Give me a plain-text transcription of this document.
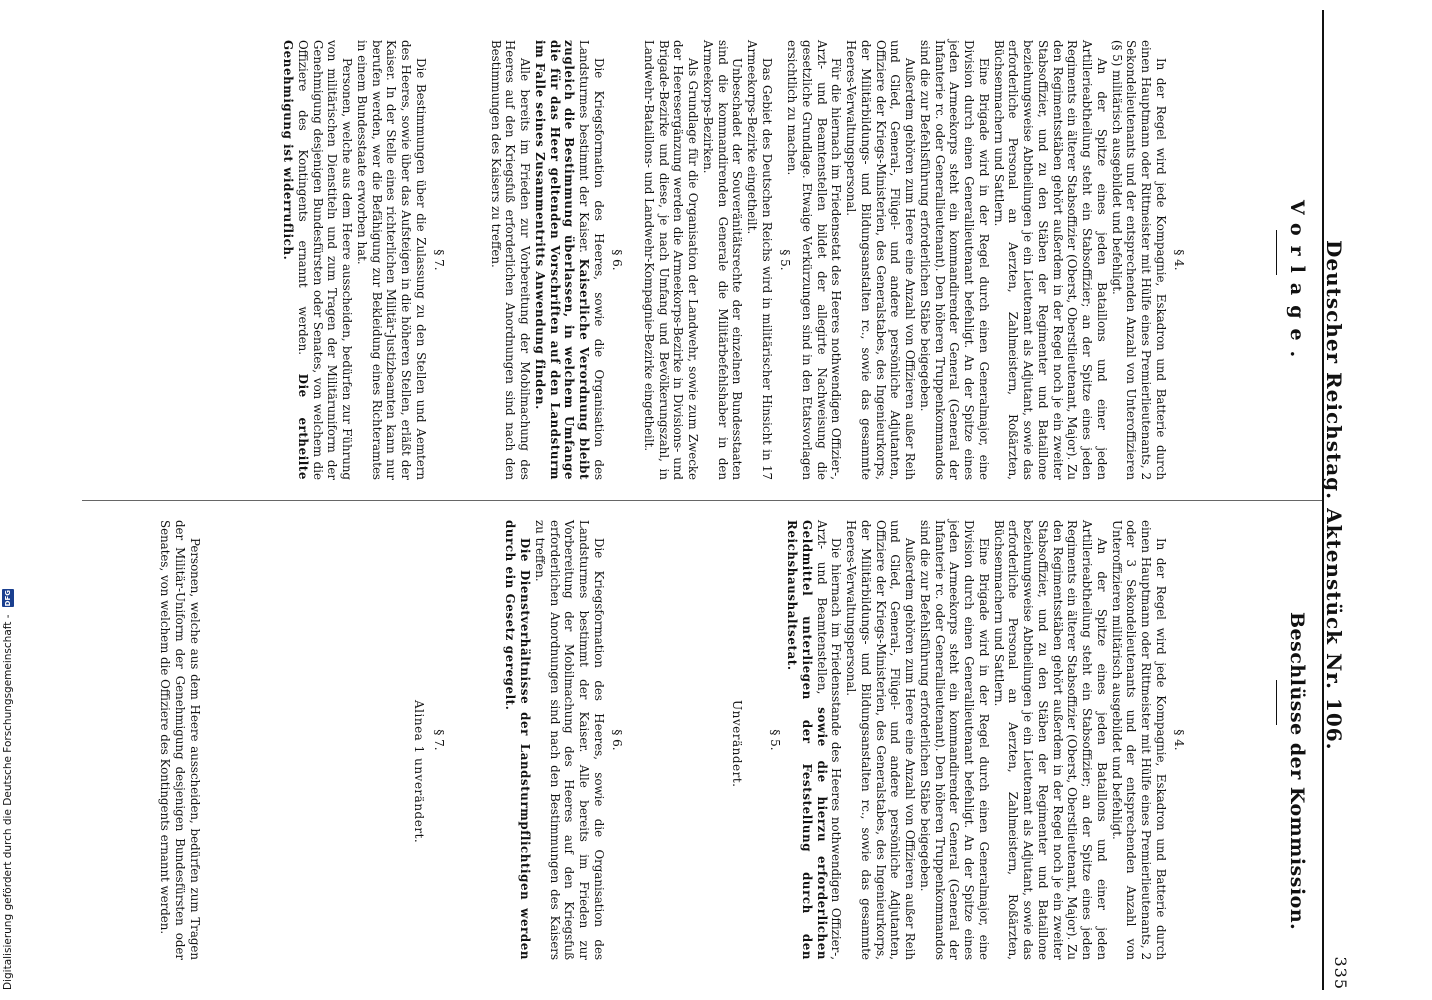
Deutscher Reichstag. Aktenstück Nr. 106.
335
Vorlage.
§ 4.

In der Regel wird jede Kompagnie, Eskadron und Batterie durch einen Hauptmann oder Rittmeister mit Hülfe eines Premierlieutenants, 2 Sekondelieutenants und der entsprechenden Anzahl von Unteroffizieren (§ 5) militärisch ausgebildet und befehligt.

An der Spitze eines jeden Bataillons und einer jeden Artillerieabtheilung steht ein Stabsoffizier; an der Spitze eines jeden Regiments ein älterer Stabsoffizier (Oberst, Oberstlieutenant, Major). Zu den Regimentsstäben gehört außerdem in der Regel noch je ein zweiter Stabsoffizier, und zu den Stäben der Regimenter und Bataillone beziehungsweise Abtheilungen je ein Lieutenant als Adjutant, sowie das erforderliche Personal an Aerzten, Zahlmeistern, Roßärzten, Büchsenmachern und Sattlern.

Eine Brigade wird in der Regel durch einen Generalmajor, eine Division durch einen Generallieutenant befehligt. An der Spitze eines jeden Armeekorps steht ein kommandirender General (General der Infanterie rc. oder Generallieutenant). Den höheren Truppenkommandos sind die zur Befehlsführung erforderlichen Stäbe beigegeben.

Außerdem gehören zum Heere eine Anzahl von Offizieren außer Reih und Glied, General-, Flügel- und andere persönliche Adjutanten, Offiziere der Kriegs-Ministerien, des Generalstabes, des Ingenieurkorps, der Militärbildungs- und Bildungsanstalten rc., sowie das gesammte Heeres-Verwaltungspersonal.

Für die hiernach im Friedensetat des Heeres nothwendigen Offizier-, Arzt- und Beamtenstellen bildet der allegirte Nachweisung die gesetzliche Grundlage. Etwaige Verkürzungen sind in den Etatsvorlagen ersichtlich zu machen.

§ 5.

Das Gebiet des Deutschen Reichs wird in militärischer Hinsicht in 17 Armeekorps-Bezirke eingetheilt.

Unbeschadet der Souveränitätsrechte der einzelnen Bundesstaaten sind die kommandirenden Generale die Militärbefehlshaber in den Armeekorps-Bezirken.

Als Grundlage für die Organisation der Landwehr, sowie zum Zwecke der Heeresergänzung werden die Armeekorps-Bezirke in Divisions- und Brigade-Bezirke und diese, je nach Umfang und Bevölkerungszahl, in Landwehr-Bataillons- und Landwehr-Kompagnie-Bezirke eingetheilt.

§ 6.

Die Kriegsformation des Heeres, sowie die Organisation des Landsturmes bestimmt der Kaiser. Kaiserliche Verordnung bleibt zugleich die Bestimmung überlassen, in welchem Umfange die für das Heer geltenden Vorschriften auf den Landsturm im Falle seines Zusammentritts Anwendung finden.

Alle bereits im Frieden zur Vorbereitung der Mobilmachung des Heeres auf den Kriegsfuß erforderlichen Anordnungen sind nach den Bestimmungen des Kaisers zu treffen.

§ 7.

Die Bestimmungen über die Zulassung zu den Stellen und Aemtern des Heeres, sowie über das Aufsteigen in die höheren Stellen, erläßt der Kaiser. In der Stelle eines richterlichen Militär-Justizbeamten kann nur berufen werden, wer die Befähigung zur Bekleidung eines Richteramtes in einem Bundesstaate erworben hat.

Personen, welche aus dem Heere ausscheiden, bedürfen zur Führung von militärischen Dienstiteln und zum Tragen der Militäruniform der Genehmigung desjenigen Bundesfürsten oder Senates, von welchem die Offiziere des Kontingents ernannt werden. Die ertheilte Genehmigung ist widerruflich.

Beschlüsse der Kommission.
§ 4.

In der Regel wird jede Kompagnie, Eskadron und Batterie durch einen Hauptmann oder Rittmeister mit Hülfe eines Premierlieutenants, 2 oder 3 Sekondelieutenants und der entsprechenden Anzahl von Unteroffizieren militärisch ausgebildet und befehligt.

An der Spitze eines jeden Bataillons und einer jeden Artillerieabtheilung steht ein Stabsoffizier; an der Spitze eines jeden Regiments ein älterer Stabsoffizier (Oberst, Oberstlieutenant, Major). Zu den Regimentsstäben gehört außerdem in der Regel noch je ein zweiter Stabsoffizier, und zu den Stäben der Regimenter und Bataillone beziehungsweise Abtheilungen je ein Lieutenant als Adjutant, sowie das erforderliche Personal an Aerzten, Zahlmeistern, Roßärzten, Büchsenmachern und Sattlern.

Eine Brigade wird in der Regel durch einen Generalmajor, eine Division durch einen Generallieutenant befehligt. An der Spitze eines jeden Armeekorps steht ein kommandirender General (General der Infanterie rc. oder Generallieutenant). Den höheren Truppenkommandos sind die zur Befehlsführung erforderlichen Stäbe beigegeben.

Außerdem gehören zum Heere eine Anzahl von Offizieren außer Reih und Glied, General-, Flügel- und andere persönliche Adjutanten, Offiziere der Kriegs-Ministerien, des Generalstabes, des Ingenieurkorps, der Militärbildungs- und Bildungsanstalten rc., sowie das gesammte Heeres-Verwaltungspersonal.

Die hiernach im Friedensstande des Heeres nothwendigen Offizier-, Arzt- und Beamtenstellen, sowie die hierzu erforderlichen Geldmittel unterliegen der Feststellung durch den Reichshaushaltsetat.

§ 5.
Unverändert.
§ 6.

Die Kriegsformation des Heeres, sowie die Organisation des Landsturmes bestimmt der Kaiser. Alle bereits im Frieden zur Vorbereitung der Mobilmachung des Heeres auf den Kriegsfuß erforderlichen Anordnungen sind nach den Bestimmungen des Kaisers zu treffen.

Die Dienstverhältnisse der Landsturmpflichtigen werden durch ein Gesetz geregelt.

§ 7.
Alinea 1 unverändert.

Personen, welche aus dem Heere ausscheiden, bedürfen zum Tragen der Militär-Uniform der Genehmigung desjenigen Bundesfürsten oder Senates, von welchem die Offiziere des Kontingents ernannt werden.

Digitalisierung gefördert durch die Deutsche Forschungsgemeinschaft - DFG
